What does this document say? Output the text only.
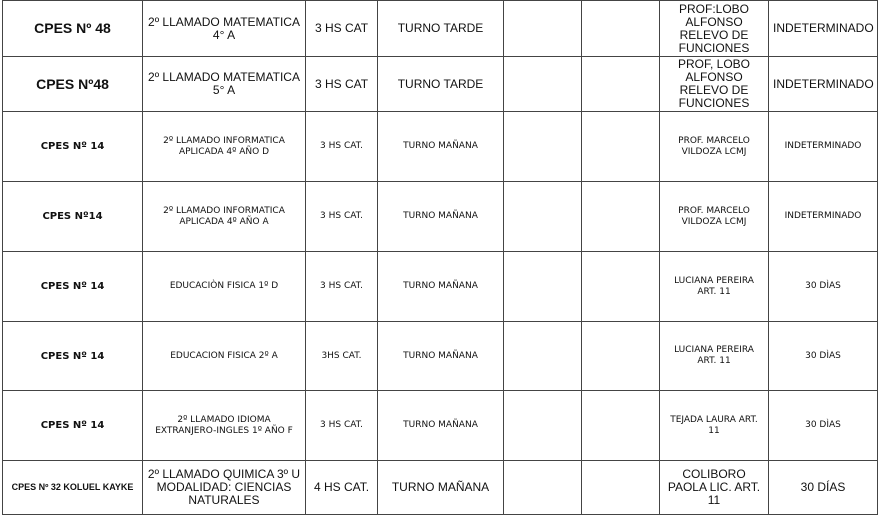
CPES Nº 48	2º LLAMADO MATEMATICA 4° A	3 HS CAT	TURNO TARDE			PROF:LOBO ALFONSO RELEVO DE FUNCIONES	INDETERMINADO
CPES Nº48	2º LLAMADO MATEMATICA 5° A	3 HS CAT	TURNO TARDE			PROF, LOBO ALFONSO RELEVO DE FUNCIONES	INDETERMINADO
CPES Nº 14	2º LLAMADO INFORMATICA APLICADA 4º AÑO D	3 HS CAT.	TURNO MAÑANA			PROF. MARCELO VILDOZA LCMJ	INDETERMINADO
CPES Nº14	2º LLAMADO INFORMATICA APLICADA 4º AÑO A	3 HS CAT.	TURNO MAÑANA			PROF. MARCELO VILDOZA LCMJ	INDETERMINADO
CPES Nº 14	EDUCACIÒN FISICA 1º D	3 HS CAT.	TURNO MAÑANA			LUCIANA PEREIRA ART. 11	30 DÌAS
CPES Nº 14	EDUCACION FISICA 2º A	3HS CAT.	TURNO MAÑANA			LUCIANA PEREIRA ART. 11	30 DÌAS
CPES Nº 14	2º LLAMADO IDIOMA EXTRANJERO-INGLES 1º AÑO F	3 HS CAT.	TURNO MAÑANA			TEJADA LAURA ART. 11	30 DÌAS
CPES Nº 32 KOLUEL KAYKE	2º LLAMADO QUIMICA 3º U MODALIDAD: CIENCIAS NATURALES	4 HS CAT.	TURNO MAÑANA			COLIBORO PAOLA LIC. ART. 11	30 DÍAS
